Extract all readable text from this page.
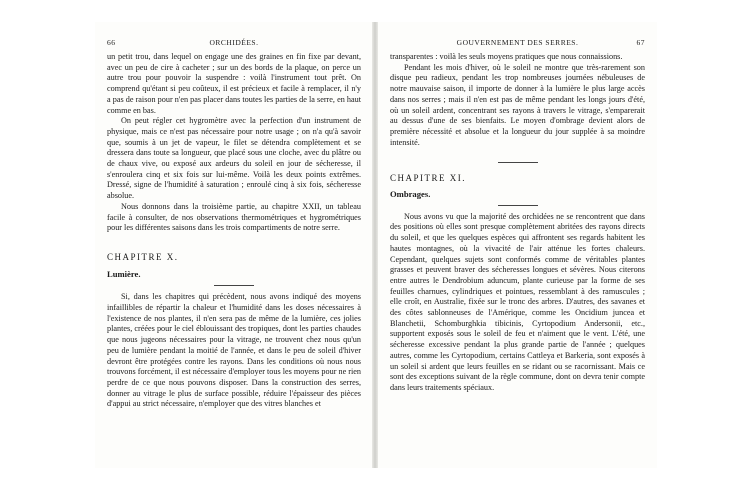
66	ORCHIDÉES.

un petit trou, dans lequel on engage une des graines en fin fixe par devant, avec un peu de cire à cacheter ; sur un des bords de la plaque, on perce un autre trou pour pouvoir la suspendre : voilà l'instrument tout prêt. On comprend qu'étant si peu coûteux, il est précieux et facile à remplacer, il n'y a pas de raison pour n'en pas placer dans toutes les parties de la serre, en haut comme en bas.

On peut régler cet hygromètre avec la perfection d'un instrument de physique, mais ce n'est pas nécessaire pour notre usage ; on n'a qu'à savoir que, soumis à un jet de vapeur, le filet se détendra complètement et se dressera dans toute sa longueur, que placé sous une cloche, avec du plâtre ou de chaux vive, ou exposé aux ardeurs du soleil en jour de sécheresse, il s'enroulera cinq et six fois sur lui-même. Voilà les deux points extrêmes. Dressé, signe de l'humidité à saturation ; enroulé cinq à six fois, sécheresse absolue.

Nous donnons dans la troisième partie, au chapitre XXII, un tableau facile à consulter, de nos observations thermométriques et hygrométriques pour les différentes saisons dans les trois compartiments de notre serre.

CHAPITRE X.

Lumière.

Si, dans les chapitres qui précèdent, nous avons indiqué des moyens infaillibles de répartir la chaleur et l'humidité dans les doses nécessaires à l'existence de nos plantes, il n'en sera pas de même de la lumière, ces jolies plantes, créées pour le ciel éblouissant des tropiques, dont les parties chaudes que nous jugeons nécessaires pour la vitrage, ne trouvent chez nous qu'un peu de lumière pendant la moitié de l'année, et dans le peu de soleil d'hiver devront être protégées contre les rayons. Dans les conditions où nous nous trouvons forcément, il est nécessaire d'employer tous les moyens pour ne rien perdre de ce que nous pouvons disposer. Dans la construction des serres, donner au vitrage le plus de surface possible, réduire l'épaisseur des pièces d'appui au strict nécessaire, n'employer que des vitres blanches et

GOUVERNEMENT DES SERRES.	67

transparentes : voilà les seuls moyens pratiques que nous connaissions.

Pendant les mois d'hiver, où le soleil ne montre que très-rarement son disque peu radieux, pendant les trop nombreuses journées nébuleuses de notre mauvaise saison, il importe de donner à la lumière le plus large accès dans nos serres ; mais il n'en est pas de même pendant les longs jours d'été, où un soleil ardent, concentrant ses rayons à travers le vitrage, s'emparerait au dessus d'une de ses bienfaits. Le moyen d'ombrage devient alors de première nécessité et absolue et la longueur du jour supplée à sa moindre intensité.

CHAPITRE XI.

Ombrages.

Nous avons vu que la majorité des orchidées ne se rencontrent que dans des positions où elles sont presque complètement abritées des rayons directs du soleil, et que les quelques espèces qui affrontent ses regards habitent les hautes montagnes, où la vivacité de l'air atténue les fortes chaleurs. Cependant, quelques sujets sont conformés comme de véritables plantes grasses et peuvent braver des sécheresses longues et sévères. Nous citerons entre autres le Dendrobium aduncum, plante curieuse par la forme de ses feuilles charnues, cylindriques et pointues, ressemblant à des ramuscules ; elle croît, en Australie, fixée sur le tronc des arbres. D'autres, des savanes et des côtes sablonneuses de l'Amérique, comme les Oncidium juncea et Blanchetii, Schomburghkia tibicinis, Cyrtopodium Andersonii, etc., supportent exposés sous le soleil de feu et n'aiment que le vent. L'été, une sécheresse excessive pendant la plus grande partie de l'année ; quelques autres, comme les Cyrtopodium, certains Cattleya et Barkeria, sont exposés à un soleil si ardent que leurs feuilles en se ridant ou se racornissant. Mais ce sont des exceptions suivant de la règle commune, dont on devra tenir compte dans leurs traitements spéciaux.
